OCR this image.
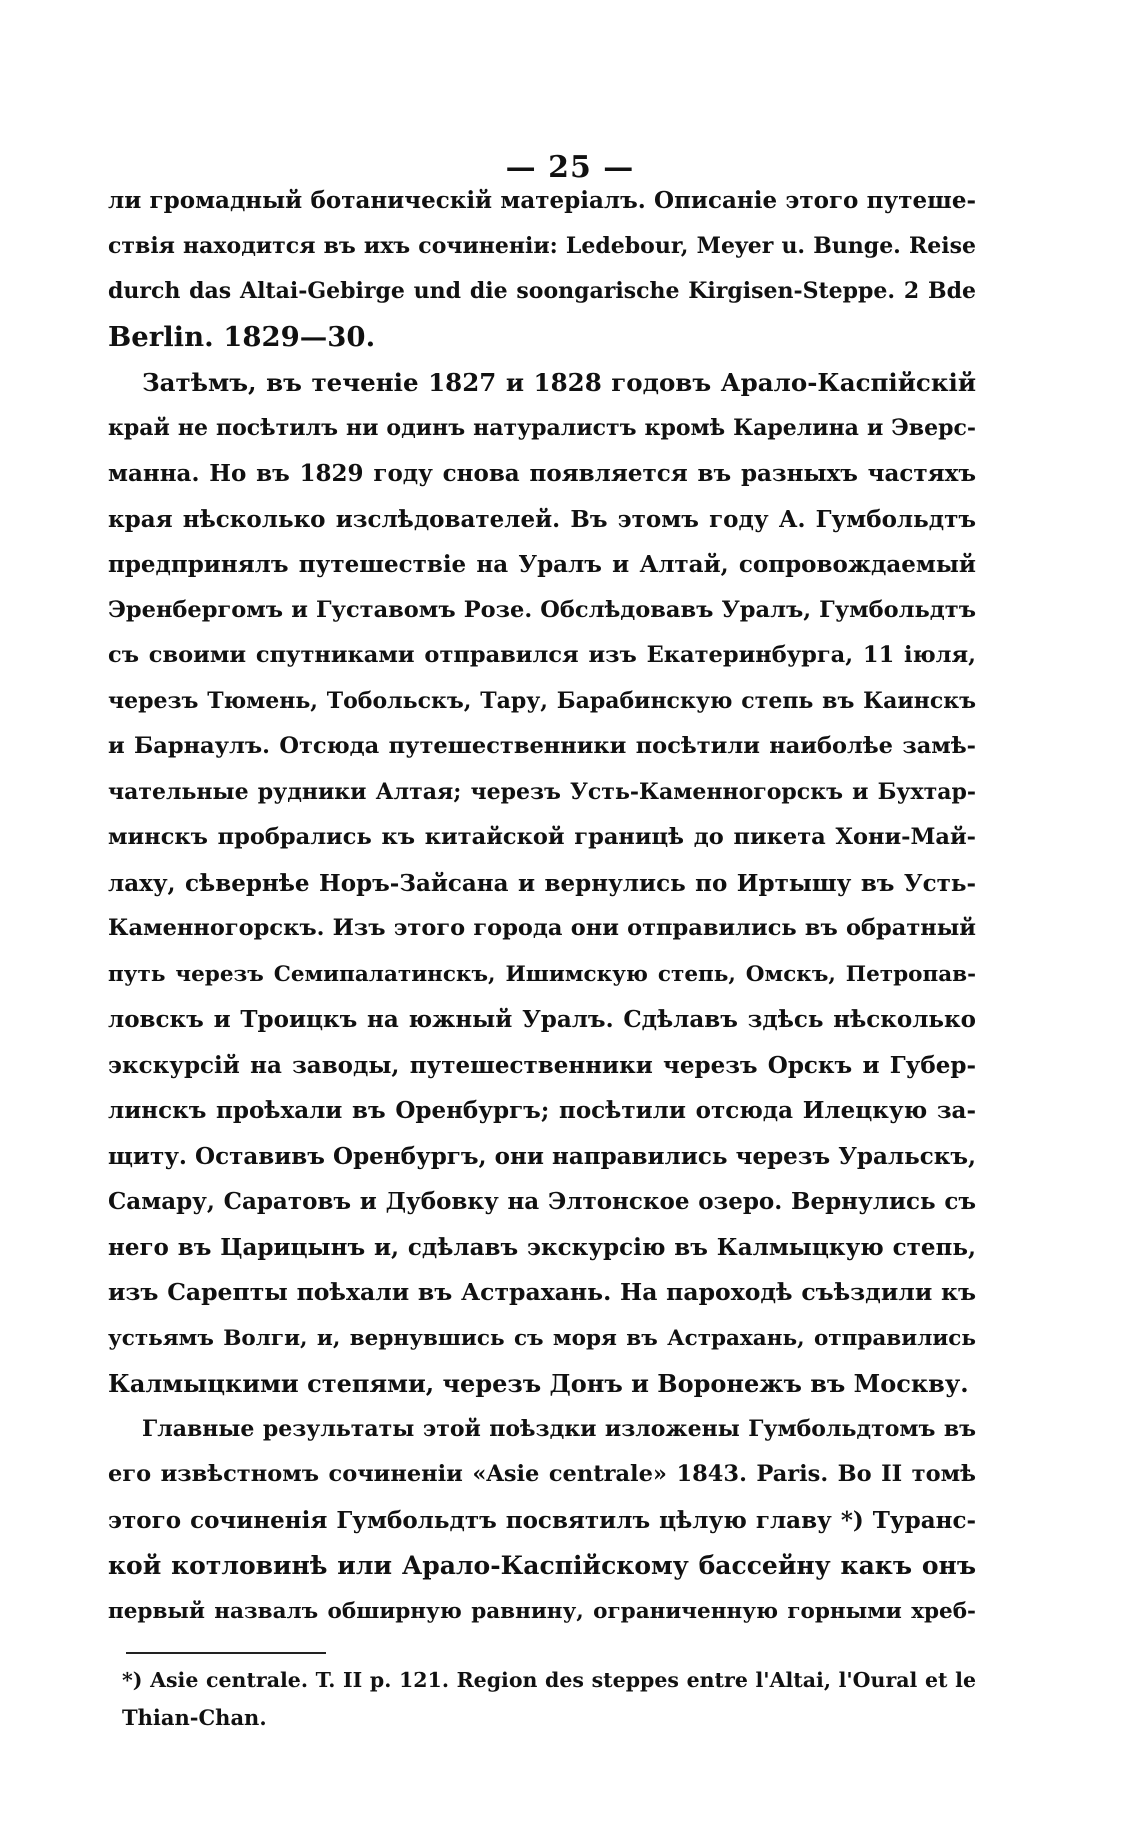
— 25 —
ли громадный ботаническій матеріалъ. Описаніе этого путеше-
ствія находится въ ихъ сочиненіи: Ledebour, Meyer u. Bunge. Reise
durch das Altai-Gebirge und die soongarische Kirgisen-Steppe. 2 Bde
Berlin. 1829—30.
Затѣмъ, въ теченіе 1827 и 1828 годовъ Арало-Каспійскій
край не посѣтилъ ни одинъ натуралистъ кромѣ Карелина и Эверс-
манна. Но въ 1829 году снова появляется въ разныхъ частяхъ
края нѣсколько изслѣдователей. Въ этомъ году А. Гумбольдтъ
предпринялъ путешествіе на Уралъ и Алтай, сопровождаемый
Эренбергомъ и Густавомъ Розе. Обслѣдовавъ Уралъ, Гумбольдтъ
съ своими спутниками отправился изъ Екатеринбурга, 11 іюля,
черезъ Тюмень, Тобольскъ, Тару, Барабинскую степь въ Каинскъ
и Барнаулъ. Отсюда путешественники посѣтили наиболѣе замѣ-
чательные рудники Алтая; черезъ Усть-Каменногорскъ и Бухтар-
минскъ пробрались къ китайской границѣ до пикета Хони-Май-
лаху, сѣвернѣе Норъ-Зайсана и вернулись по Иртышу въ Усть-
Каменногорскъ. Изъ этого города они отправились въ обратный
путь черезъ Семипалатинскъ, Ишимскую степь, Омскъ, Петропав-
ловскъ и Троицкъ на южный Уралъ. Сдѣлавъ здѣсь нѣсколько
экскурсій на заводы, путешественники черезъ Орскъ и Губер-
линскъ проѣхали въ Оренбургъ; посѣтили отсюда Илецкую за-
щиту. Оставивъ Оренбургъ, они направились черезъ Уральскъ,
Самару, Саратовъ и Дубовку на Элтонское озеро. Вернулись съ
него въ Царицынъ и, сдѣлавъ экскурсію въ Калмыцкую степь,
изъ Сарепты поѣхали въ Астрахань. На пароходѣ съѣздили къ
устьямъ Волги, и, вернувшись съ моря въ Астрахань, отправились
Калмыцкими степями, черезъ Донъ и Воронежъ въ Москву.
Главные результаты этой поѣздки изложены Гумбольдтомъ въ
его извѣстномъ сочиненіи «Asie centrale» 1843. Paris. Во II томѣ
этого сочиненія Гумбольдтъ посвятилъ цѣлую главу *) Туранс-
кой котловинѣ или Арало-Каспійскому бассейну какъ онъ
первый назвалъ обширную равнину, ограниченную горными хреб-
*) Asie centrale. T. II p. 121. Region des steppes entre l'Altai, l'Oural et le
Thian-Chan.
